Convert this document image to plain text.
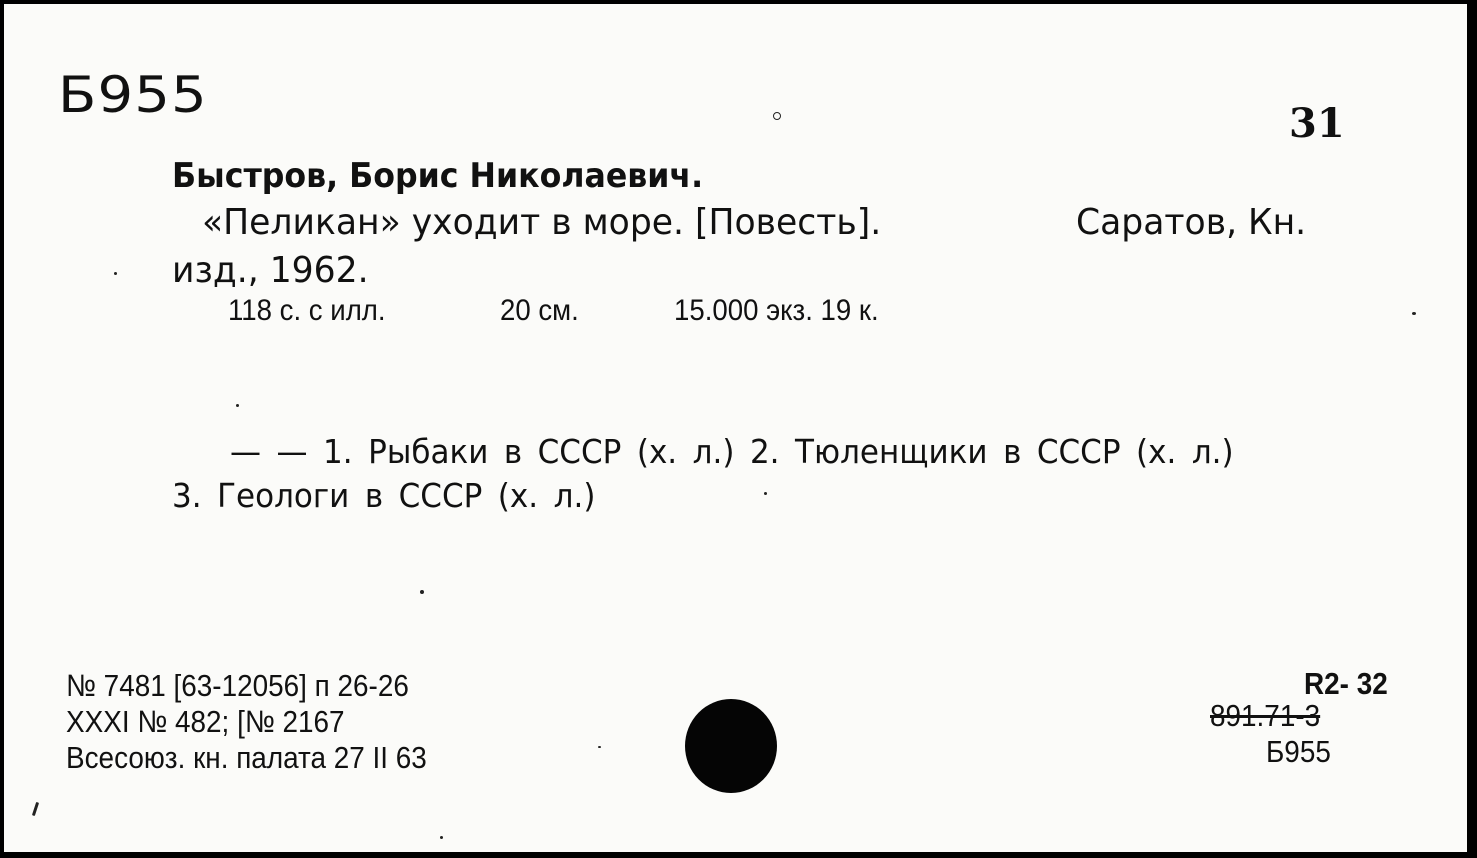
Б955	31
Быстров, Борис Николаевич.
«Пеликан» уходит в море. [Повесть].	Саратов, Кн.
изд., 1962.
118 с. с илл.	20 см.	15.000 экз. 19 к.
— — 1. Рыбаки в СССР (х. л.) 2. Тюленщики в СССР (х. л.)
3. Геологи в СССР (х. л.)
№ 7481 [63-12056] п 26-26
XXXI № 482; [№ 2167
Всесоюз. кн. палата 27 II 63
R2- 32
891.71-3
Б955
